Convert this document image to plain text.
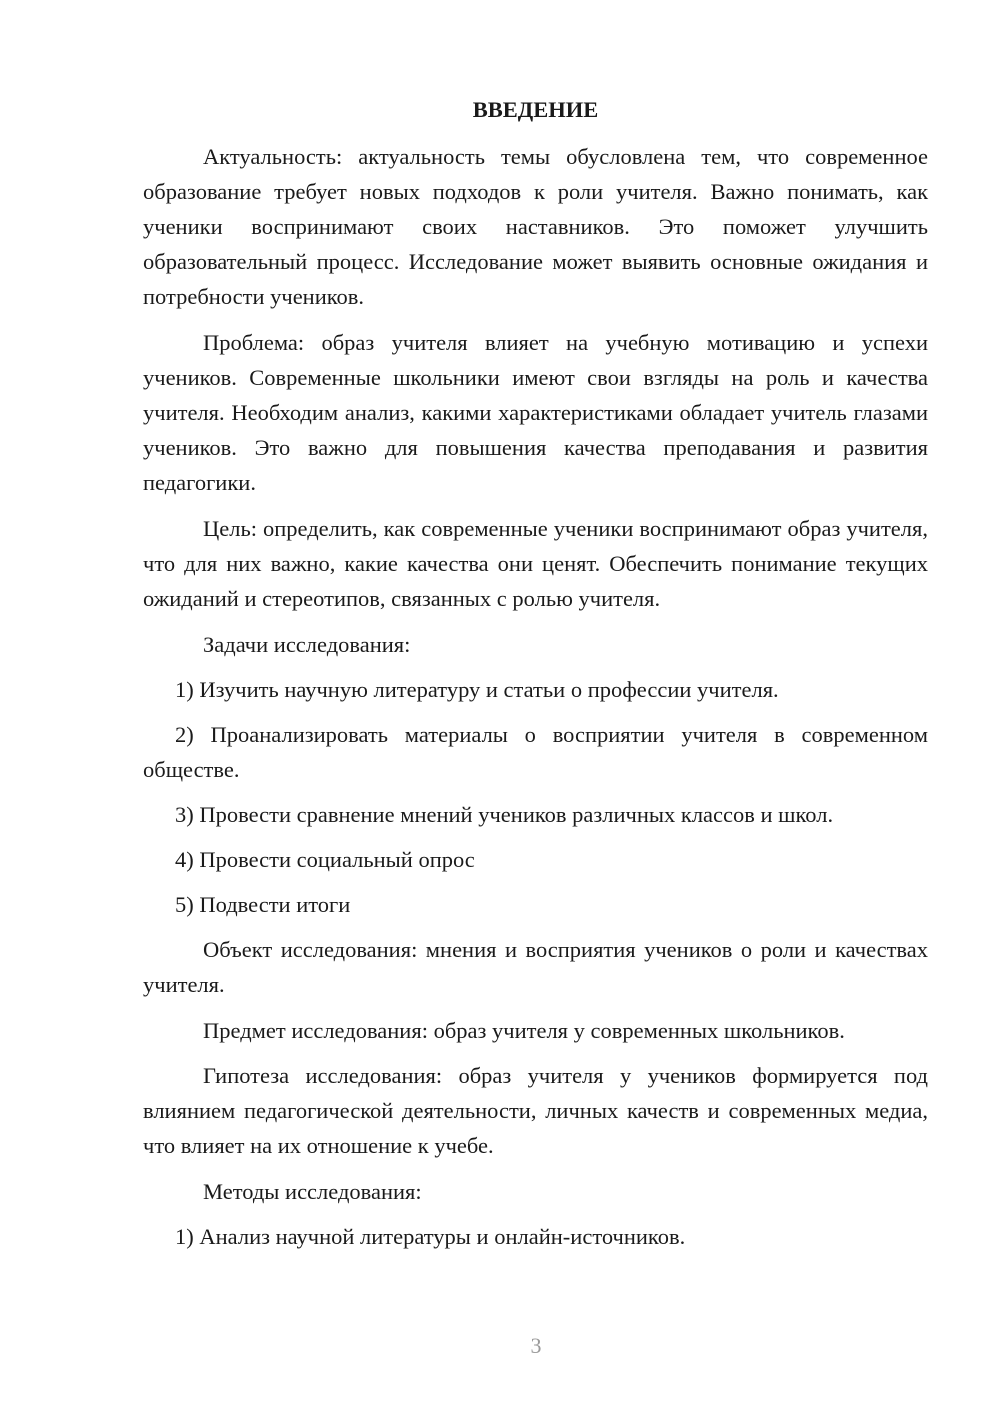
ВВЕДЕНИЕ

Актуальность: актуальность темы обусловлена тем, что современное образование требует новых подходов к роли учителя. Важно понимать, как ученики воспринимают своих наставников. Это поможет улучшить образовательный процесс. Исследование может выявить основные ожидания и потребности учеников.

Проблема: образ учителя влияет на учебную мотивацию и успехи учеников. Современные школьники имеют свои взгляды на роль и качества учителя. Необходим анализ, какими характеристиками обладает учитель глазами учеников. Это важно для повышения качества преподавания и развития педагогики.

Цель: определить, как современные ученики воспринимают образ учителя, что для них важно, какие качества они ценят. Обеспечить понимание текущих ожиданий и стереотипов, связанных с ролью учителя.

Задачи исследования:

1) Изучить научную литературу и статьи о профессии учителя.

2) Проанализировать материалы о восприятии учителя в современном обществе.

3) Провести сравнение мнений учеников различных классов и школ.

4) Провести социальный опрос

5) Подвести итоги

Объект исследования: мнения и восприятия учеников о роли и качествах учителя.

Предмет исследования: образ учителя у современных школьников.

Гипотеза исследования: образ учителя у учеников формируется под влиянием педагогической деятельности, личных качеств и современных медиа, что влияет на их отношение к учебе.

Методы исследования:

1) Анализ научной литературы и онлайн-источников.

3
